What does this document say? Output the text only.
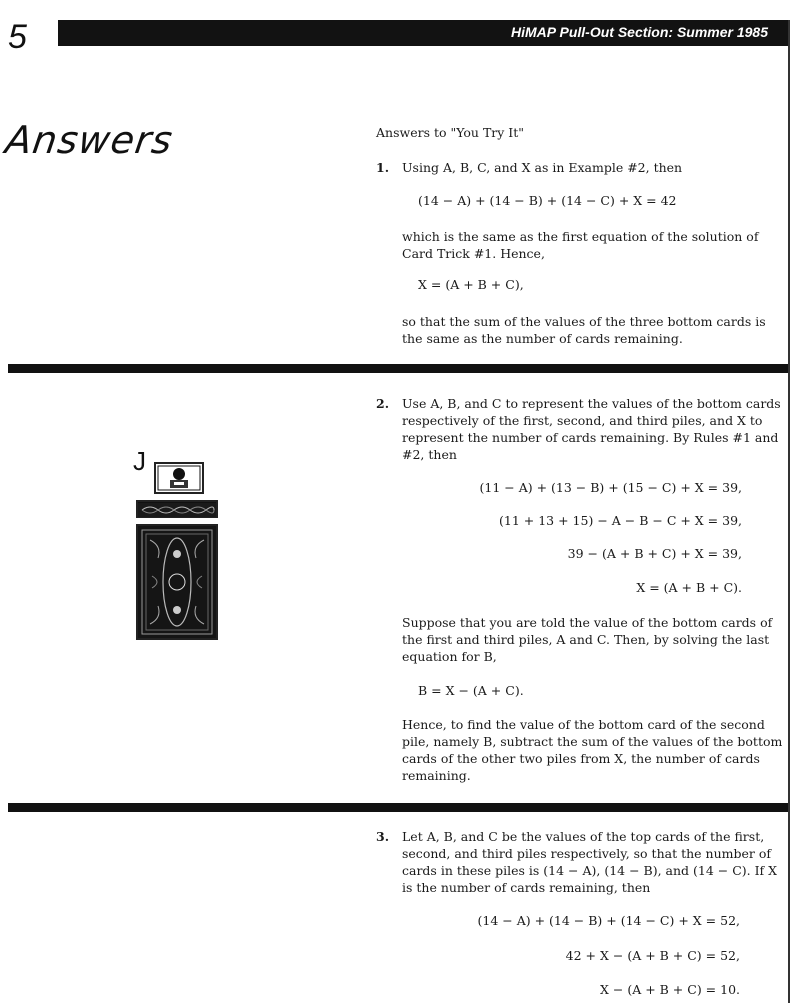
5	HiMAP Pull-Out Section: Summer 1985
Answers	Answers to "You Try It"
1. Using A, B, C, and X as in Example #2, then
(14 − A) + (14 − B) + (14 − C) + X = 42
which is the same as the first equation of the solution of Card Trick #1. Hence,
X = (A + B + C),
so that the sum of the values of the three bottom cards is the same as the number of cards remaining.
J
2. Use A, B, and C to represent the values of the bottom cards respectively of the first, second, and third piles, and X to represent the number of cards remaining. By Rules #1 and #2, then
(11 − A) + (13 − B) + (15 − C) + X = 39,
(11 + 13 + 15) − A − B − C + X = 39,
39 − (A + B + C) + X = 39,
X = (A + B + C).
Suppose that you are told the value of the bottom cards of the first and third piles, A and C. Then, by solving the last equation for B,
B = X − (A + C).
Hence, to find the value of the bottom card of the second pile, namely B, subtract the sum of the values of the bottom cards of the other two piles from X, the number of cards remaining.
3. Let A, B, and C be the values of the top cards of the first, second, and third piles respectively, so that the number of cards in these piles is (14 − A), (14 − B), and (14 − C). If X is the number of cards remaining, then
(14 − A) + (14 − B) + (14 − C) + X = 52,
42 + X − (A + B + C) = 52,
X − (A + B + C) = 10.
